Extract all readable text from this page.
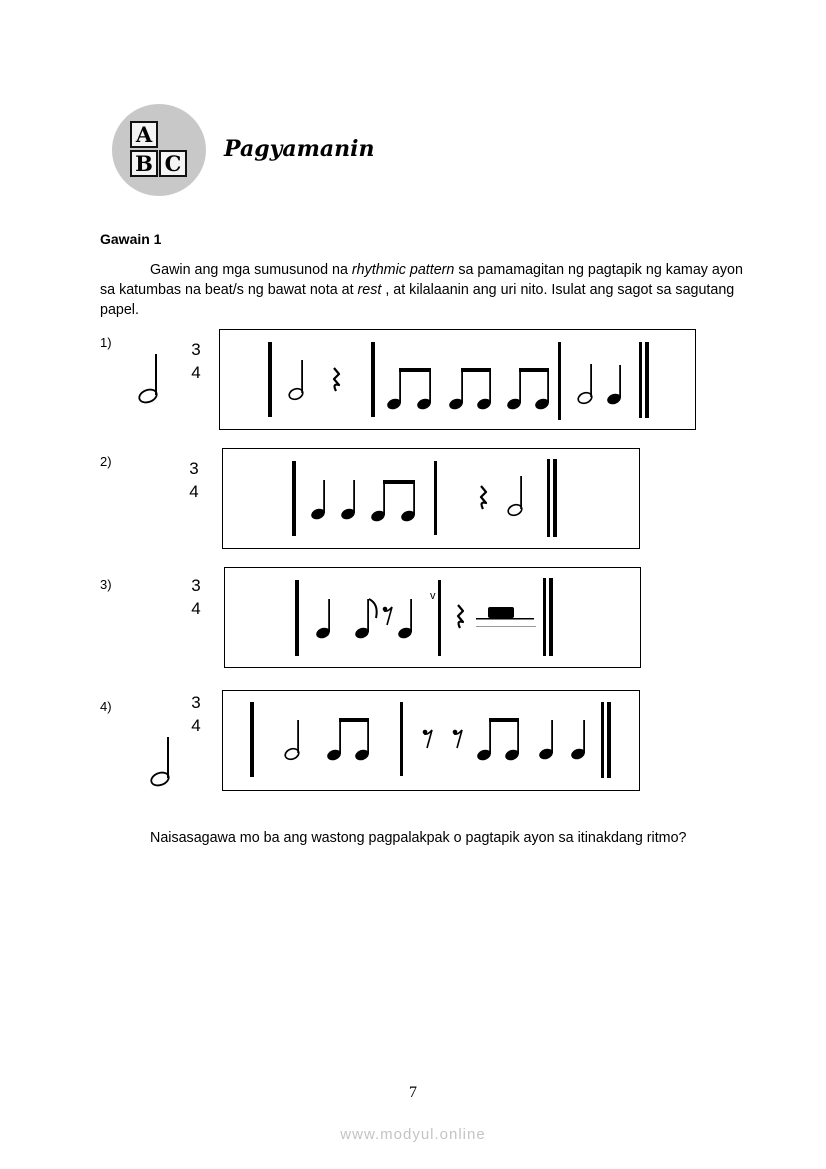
A
B C
Pagyamanin
Gawain 1
Gawin ang mga sumusunod na rhythmic pattern sa pamamagitan ng pagtapik ng kamay ayon sa katumbas na beat/s ng bawat nota at rest , at kilalaanin ang uri nito. Isulat ang sagot sa sagutang papel.
1)	3
4
2)	3
4
3)	3
4
4)	3
4
v
Naisasagawa mo ba ang wastong pagpalakpak o pagtapik ayon sa itinakdang ritmo?
7
www.modyul.online
